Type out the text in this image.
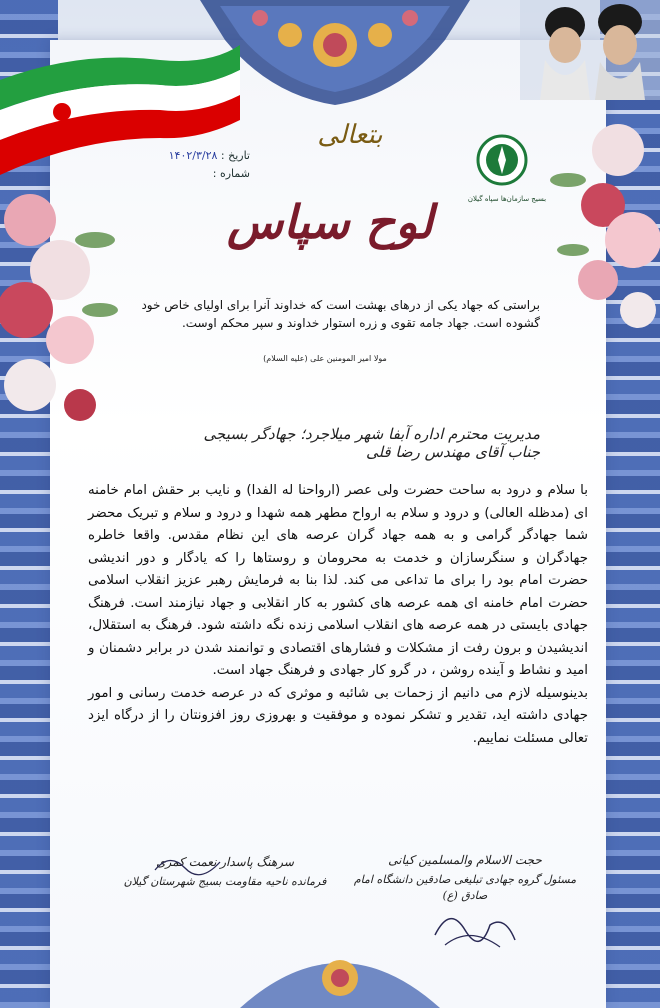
بسیج سازمان‌ها سپاه گیلان
بتعالی
تاریخ : ۱۴۰۲/۳/۲۸
شماره :
لوح سپاس
براستی که جهاد یکی از درهای بهشت است که خداوند آنرا برای اولیای خاص خود گشوده است. جهاد جامه تقوی و زره استوار خداوند و سپر محکم اوست.
مولا امیر المومنین علی (علیه السلام)
مدیریت محترم اداره آبفا شهر میلاجرد؛ جهادگر بسیجی جناب آقای مهندس رضا قلی

با سلام و درود به ساحت حضرت ولی عصر (ارواحنا له الفدا) و نایب بر حقش امام خامنه ای (مدظله العالی) و درود و سلام به ارواح مطهر همه شهدا و درود و سلام و تبریک محضر شما جهادگر گرامی و به همه جهاد گران عرصه های این نظام مقدس. واقعا خاطره جهادگران و سنگرسازان و خدمت به محرومان و روستاها را که یادگار و دور اندیشی حضرت امام بود را برای ما تداعی می کند. لذا بنا به فرمایش رهبر عزیز انقلاب اسلامی حضرت امام خامنه ای همه عرصه های کشور به کار انقلابی و جهاد نیازمند است. فرهنگ جهادی بایستی در همه عرصه های انقلاب اسلامی زنده نگه داشته شود. فرهنگ به استقلال، اندیشیدن و برون رفت از مشکلات و فشارهای اقتصادی و توانمند شدن در برابر دشمنان و امید و نشاط و آینده روشن ، در گرو کار جهادی و فرهنگ جهاد است.

بدینوسیله لازم می دانیم از زحمات بی شائبه و موثری که در عرصه خدمت رسانی و امور جهادی داشته اید، تقدیر و تشکر نموده و موفقیت و بهروزی روز افزونتان را از درگاه ایزد تعالی مسئلت نماییم.

حجت الاسلام والمسلمین کیانی
مسئول گروه جهادی تبلیغی صادقین دانشگاه امام صادق (ع)
سرهنگ پاسدار نعمت کمری
فرمانده ناحیه مقاومت بسیج شهرستان گیلان
